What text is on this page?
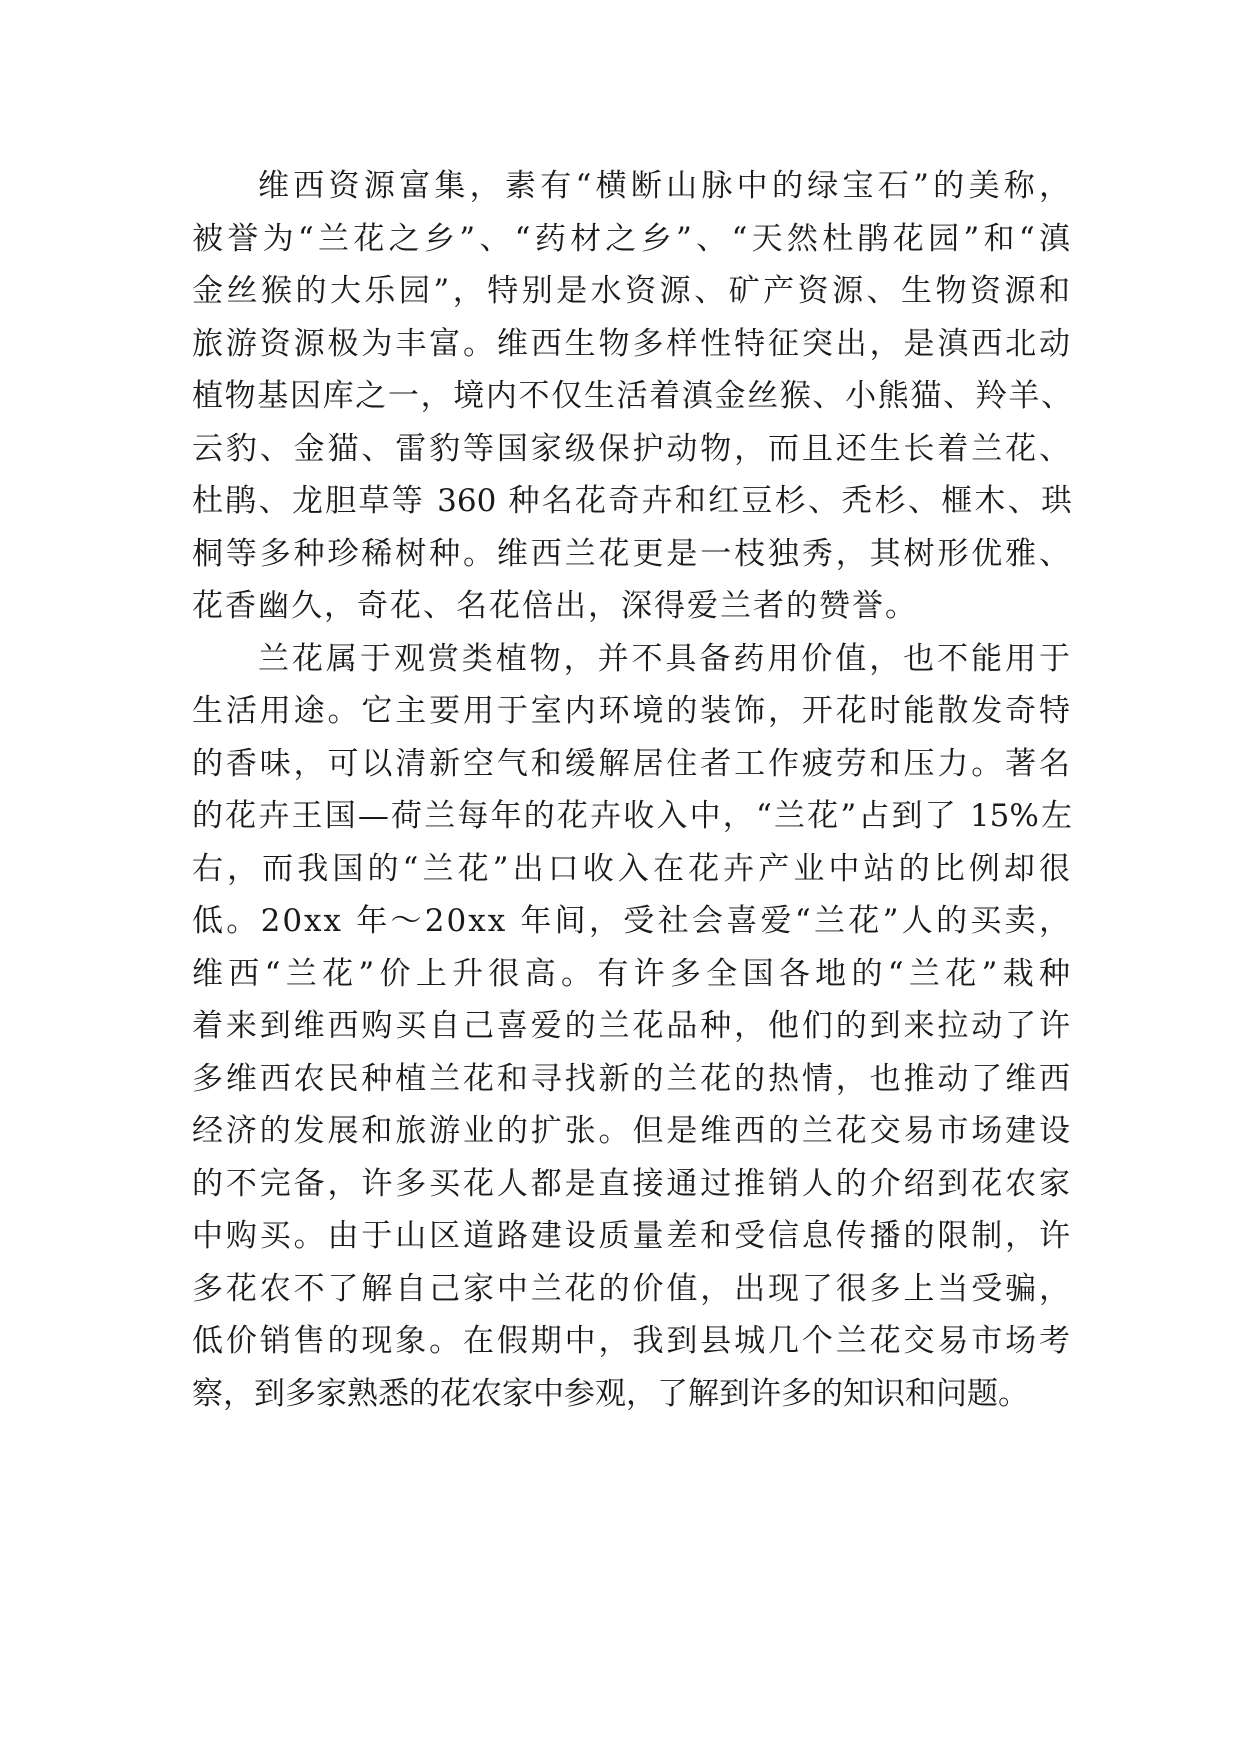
维西资源富集，素有“横断山脉中的绿宝石”的美称，
被誉为“兰花之乡”、“药材之乡”、“天然杜鹃花园”和“滇
金丝猴的大乐园”，特别是水资源、矿产资源、生物资源和
旅游资源极为丰富。维西生物多样性特征突出，是滇西北动
植物基因库之一，境内不仅生活着滇金丝猴、小熊猫、羚羊、
云豹、金猫、雷豹等国家级保护动物，而且还生长着兰花、
杜鹃、龙胆草等 360 种名花奇卉和红豆杉、秃杉、榧木、珙
桐等多种珍稀树种。维西兰花更是一枝独秀，其树形优雅、
花香幽久，奇花、名花倍出，深得爱兰者的赞誉。
兰花属于观赏类植物，并不具备药用价值，也不能用于
生活用途。它主要用于室内环境的装饰，开花时能散发奇特
的香味，可以清新空气和缓解居住者工作疲劳和压力。著名
的花卉王国—荷兰每年的花卉收入中，“兰花”占到了 15%左
右，而我国的“兰花”出口收入在花卉产业中站的比例却很
低。20xx 年～20xx 年间，受社会喜爱“兰花”人的买卖，
维西“兰花”价上升很高。有许多全国各地的“兰花”栽种
着来到维西购买自己喜爱的兰花品种，他们的到来拉动了许
多维西农民种植兰花和寻找新的兰花的热情，也推动了维西
经济的发展和旅游业的扩张。但是维西的兰花交易市场建设
的不完备，许多买花人都是直接通过推销人的介绍到花农家
中购买。由于山区道路建设质量差和受信息传播的限制，许
多花农不了解自己家中兰花的价值，出现了很多上当受骗，
低价销售的现象。在假期中，我到县城几个兰花交易市场考
察，到多家熟悉的花农家中参观，了解到许多的知识和问题。
